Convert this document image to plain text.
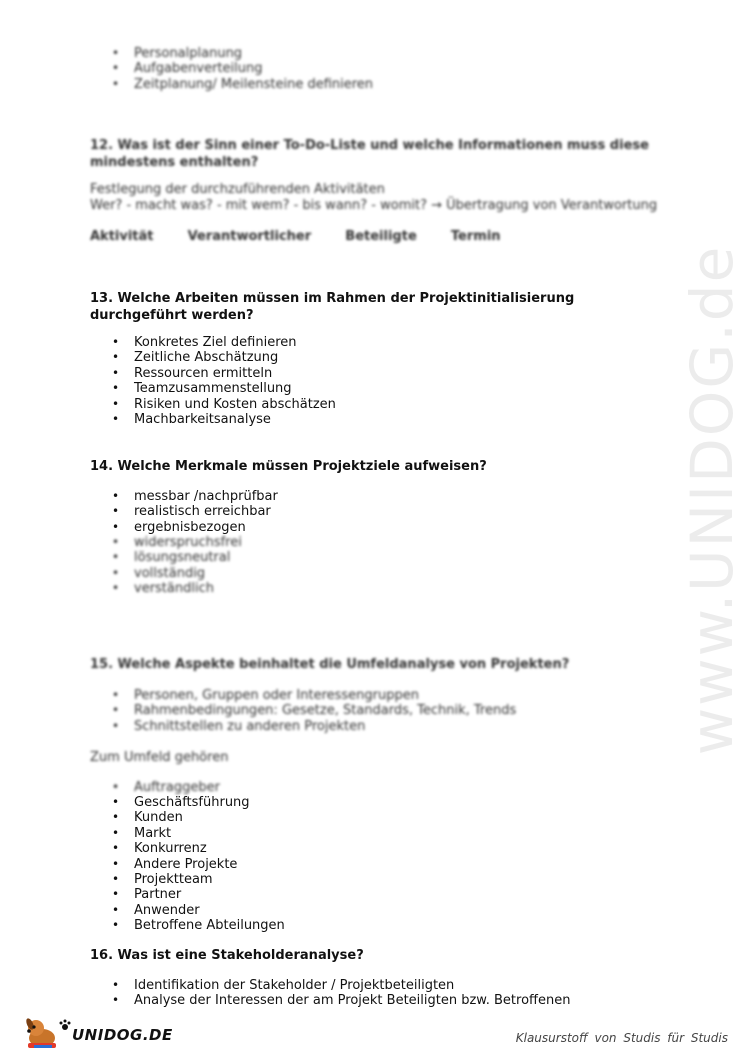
www.UNIDOG.de
• Personalplanung
• Aufgabenverteilung
• Zeitplanung/ Meilensteine definieren
12. Was ist der Sinn einer To-Do-Liste und welche Informationen muss diese mindestens enthalten?
Festlegung der durchzuführenden Aktivitäten
Wer? - macht was? - mit wem? - bis wann? - womit? → Übertragung von Verantwortung
Aktivität	Verantwortlicher	Beteiligte	Termin
13. Welche Arbeiten müssen im Rahmen der Projektinitialisierung durchgeführt werden?
• Konkretes Ziel definieren
• Zeitliche Abschätzung
• Ressourcen ermitteln
• Teamzusammenstellung
• Risiken und Kosten abschätzen
• Machbarkeitsanalyse
14. Welche Merkmale müssen Projektziele aufweisen?
• messbar /nachprüfbar
• realistisch erreichbar
• ergebnisbezogen
• widerspruchsfrei
• lösungsneutral
• vollständig
• verständlich
15. Welche Aspekte beinhaltet die Umfeldanalyse von Projekten?
• Personen, Gruppen oder Interessengruppen
• Rahmenbedingungen: Gesetze, Standards, Technik, Trends
• Schnittstellen zu anderen Projekten
Zum Umfeld gehören
• Auftraggeber
• Geschäftsführung
• Kunden
• Markt
• Konkurrenz
• Andere Projekte
• Projektteam
• Partner
• Anwender
• Betroffene Abteilungen
16. Was ist eine Stakeholderanalyse?
• Identifikation der Stakeholder / Projektbeteiligten
• Analyse der Interessen der am Projekt Beteiligten bzw. Betroffenen
UNIDOG.DE	Klausurstoff von Studis für Studis
